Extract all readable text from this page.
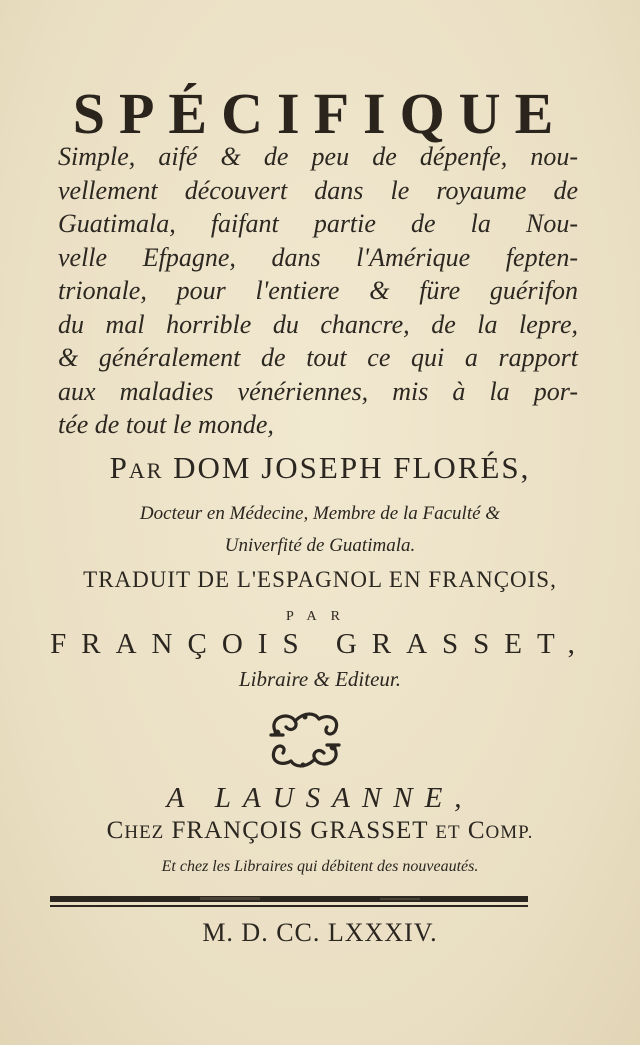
SPÉCIFIQUE
Simple, aifé & de peu de dépenfe, nou-
vellement découvert dans le royaume de
Guatimala, faifant partie de la Nou-
velle Efpagne, dans l'Amérique fepten-
trionale, pour l'entiere & füre guérifon
du mal horrible du chancre, de la lepre,
& généralement de tout ce qui a rapport
aux maladies vénériennes, mis à la por-
tée de tout le monde,
PAR DOM JOSEPH FLORÉS,
Docteur en Médecine, Membre de la Faculté &
Univerfité de Guatimala.
TRADUIT DE L'ESPAGNOL EN FRANÇOIS,
PAR
FRANÇOIS GRASSET,
Libraire & Editeur.
A LAUSANNE,
CHEZ FRANÇOIS GRASSET ET COMP.
Et chez les Libraires qui débitent des nouveautés.
M. D. CC. LXXXIV.
